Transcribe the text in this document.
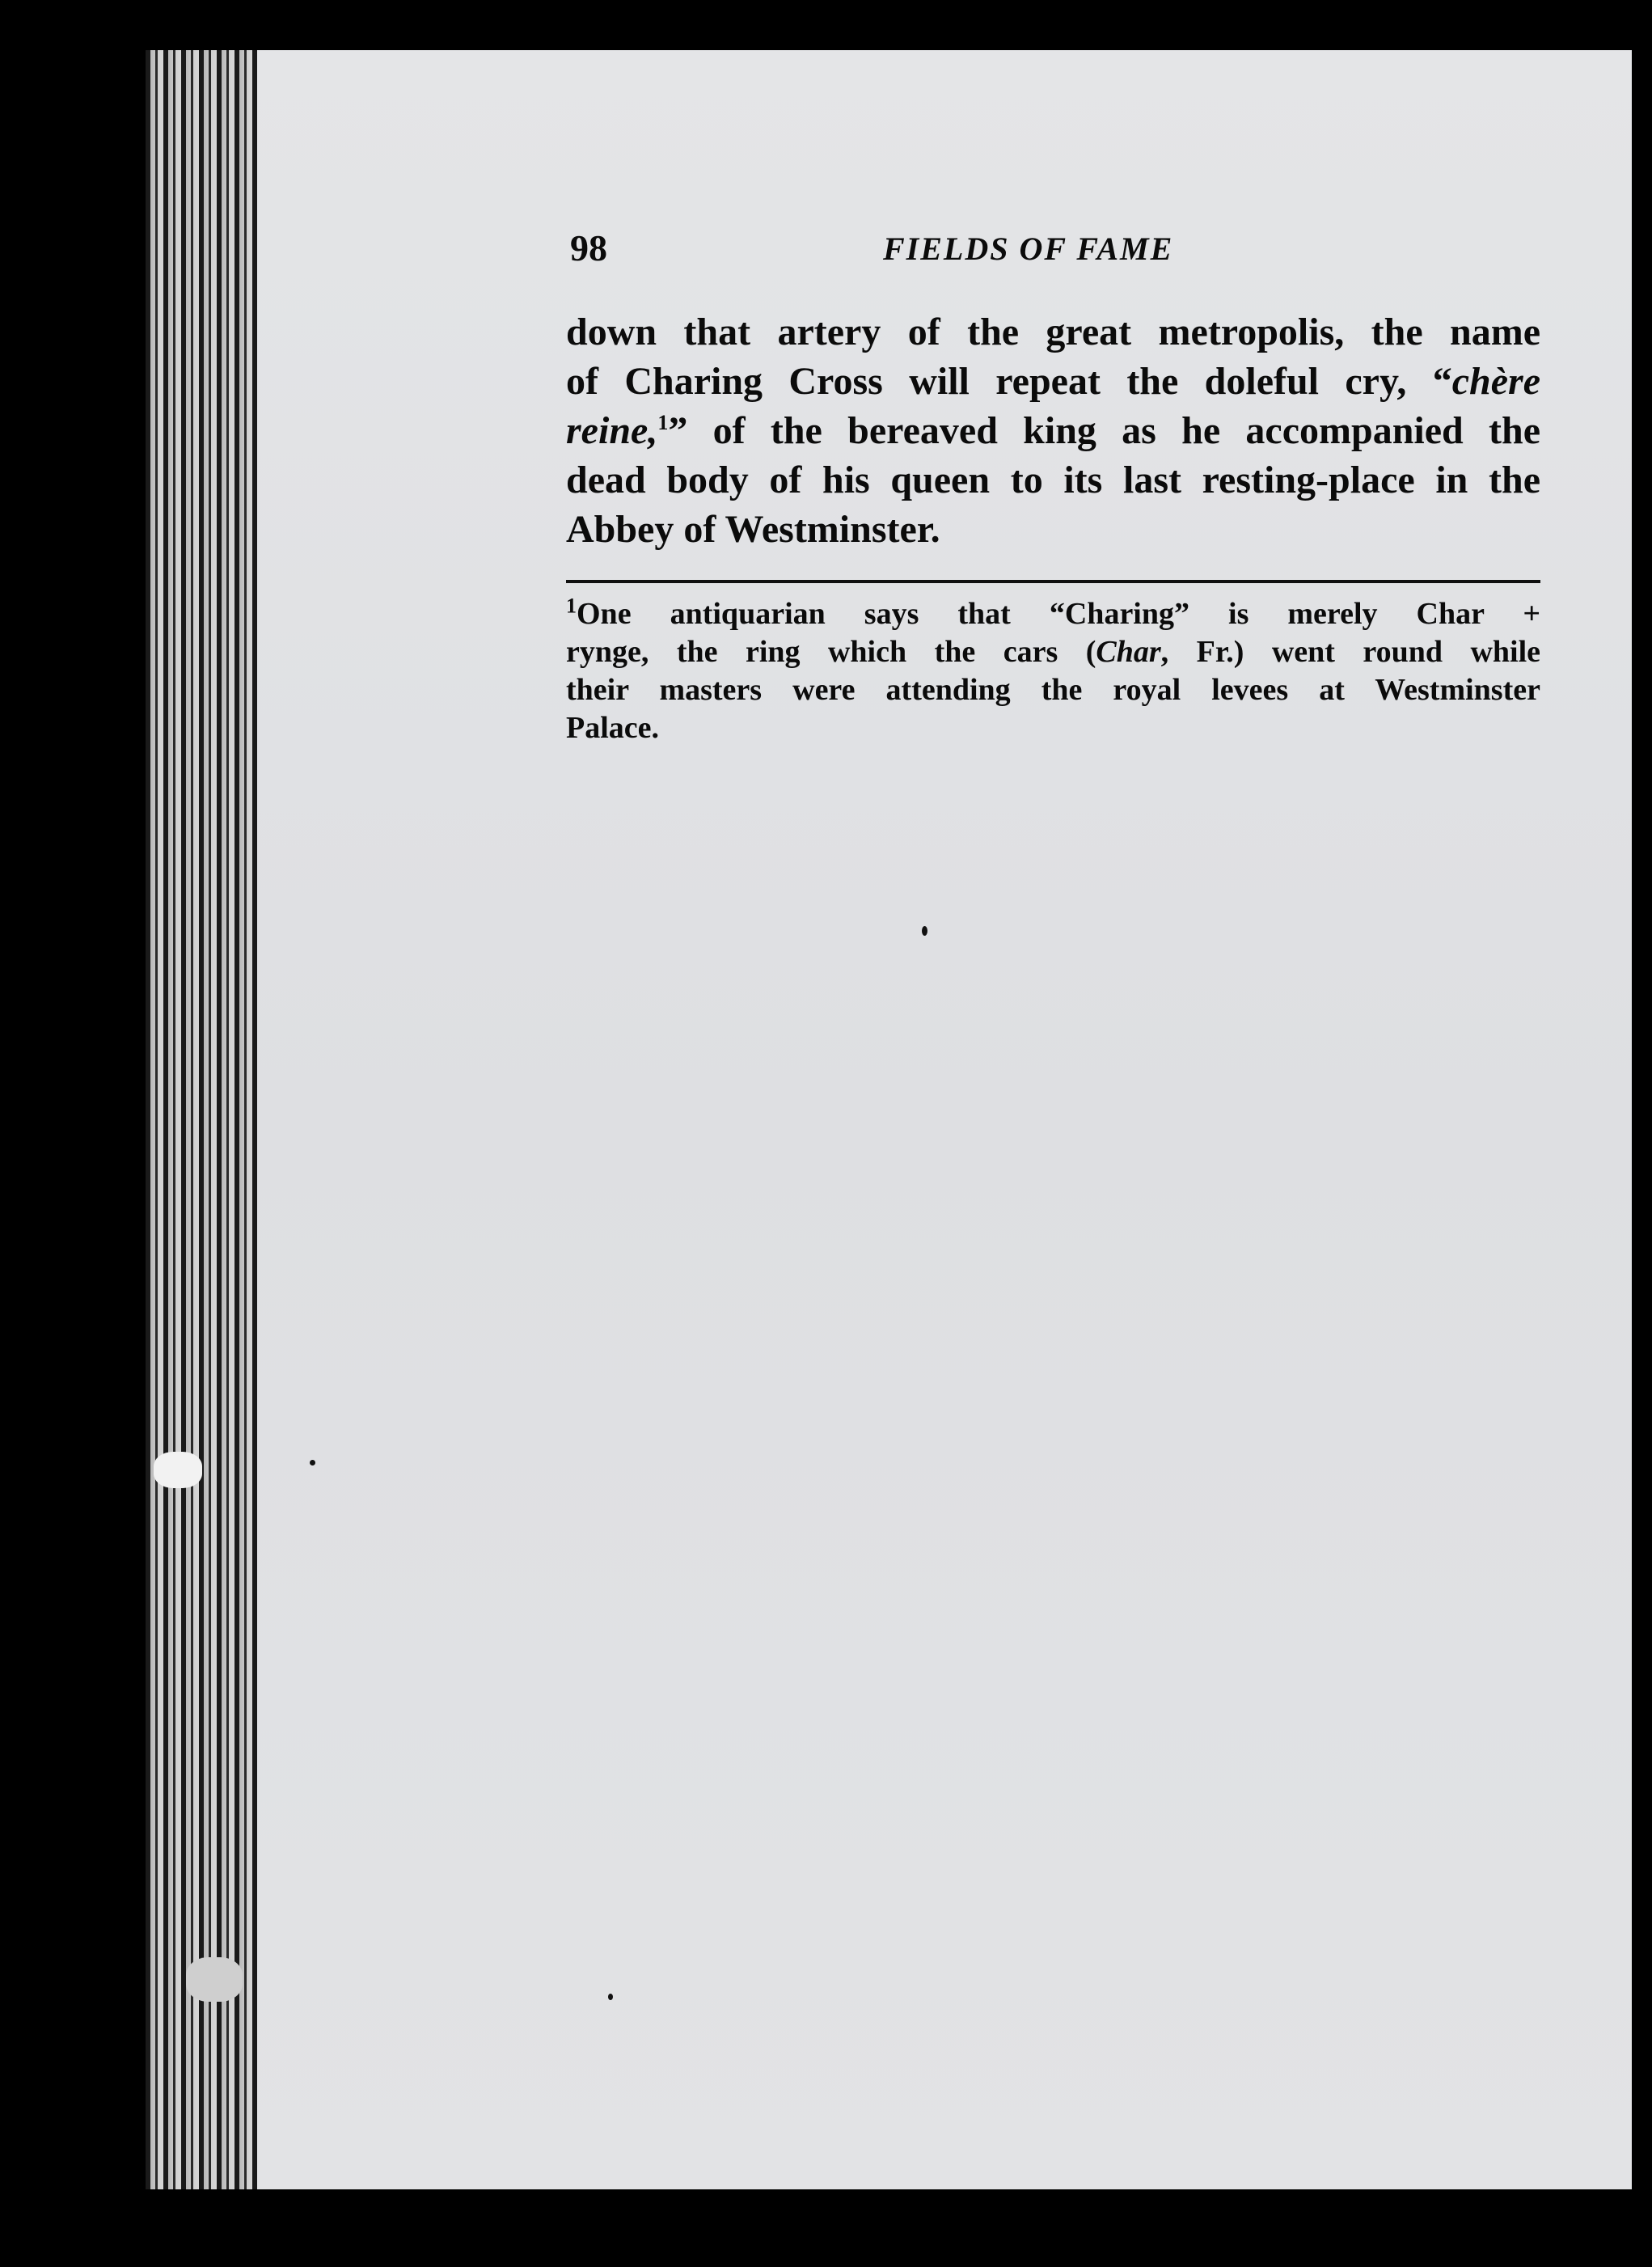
98	FIELDS OF FAME
down that artery of the great metropolis, the name
of Charing Cross will repeat the doleful cry, “chère
reine,$^1$” of the bereaved king as he accompanied the
dead body of his queen to its last resting-place in the
Abbey of Westminster.
$^1$One antiquarian says that “Charing” is merely Char +
rynge, the ring which the cars (Char, Fr.) went round while
their masters were attending the royal levees at Westminster
Palace.
